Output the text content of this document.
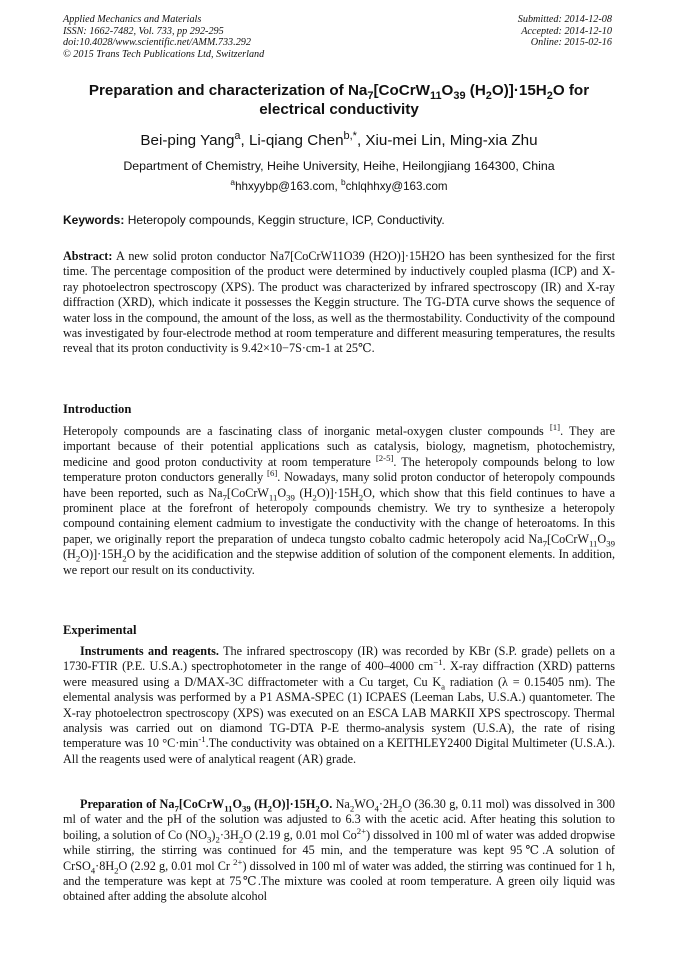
Applied Mechanics and Materials
ISSN: 1662-7482, Vol. 733, pp 292-295
doi:10.4028/www.scientific.net/AMM.733.292
© 2015 Trans Tech Publications Ltd, Switzerland
Submitted: 2014-12-08
Accepted: 2014-12-10
Online: 2015-02-16
Preparation and characterization of $Na_7[CoCrW_{11}O_{39}$ $(H_2O)]\cdot 15H_2O$ for electrical conductivity
Bei-ping Yang$^a$, Li-qiang Chen$^{b,*}$, Xiu-mei Lin, Ming-xia Zhu
Department of Chemistry, Heihe University, Heihe, Heilongjiang 164300, China
$^a$hhxyybp@163.com, $^b$chlqhhxy@163.com
Keywords: Heteropoly compounds, Keggin structure, ICP, Conductivity.
Abstract: A new solid proton conductor Na7[CoCrW11O39 (H2O)]·15H2O has been synthesized for the first time. The percentage composition of the product were determined by inductively coupled plasma (ICP) and X-ray photoelectron spectroscopy (XPS). The product was characterized by infrared spectroscopy (IR) and X-ray diffraction (XRD), which indicate it possesses the Keggin structure. The TG-DTA curve shows the sequence of water loss in the compound, the amount of the loss, as well as the thermostability. Conductivity of the compound was investigated by four-electrode method at room temperature and different measuring temperatures, the results reveal that its proton conductivity is 9.42×10−7S·cm-1 at 25℃.
Introduction
Heteropoly compounds are a fascinating class of inorganic metal-oxygen cluster compounds [1]. They are important because of their potential applications such as catalysis, biology, magnetism, photochemistry, medicine and good proton conductivity at room temperature [2-5]. The heteropoly compounds belong to low temperature proton conductors generally [6]. Nowadays, many solid proton conductor of heteropoly compounds have been reported, such as $Na_7[CoCrW_{11}O_{39}$ $(H_2O)]\cdot 15H_2O$, which show that this field continues to have a prominent place at the forefront of heteropoly compounds chemistry. We try to synthesize a heteropoly compound containing element cadmium to investigate the conductivity with the change of heteroatoms. In this paper, we originally report the preparation of undeca tungsto cobalto cadmic heteropoly acid $Na_7[CoCrW_{11}O_{39}$ $(H_2O)]\cdot 15H_2O$ by the acidification and the stepwise addition of solution of the component elements. In addition, we report our result on its conductivity.
Experimental
Instruments and reagents. The infrared spectroscopy (IR) was recorded by KBr (S.P. grade) pellets on a 1730-FTIR (P.E. U.S.A.) spectrophotometer in the range of 400–4000 $cm^{-1}$. X-ray diffraction (XRD) patterns were measured using a D/MAX-3C diffractometer with a Cu target, Cu $K_a$ radiation (λ = 0.15405 nm). The elemental analysis was performed by a P1 ASMA-SPEC (1) ICPAES (Leeman Labs, U.S.A.) quantometer. The X-ray photoelectron spectroscopy (XPS) was executed on an ESCA LAB MARKII XPS spectroscopy. Thermal analysis was carried out on diamond TG-DTA P-E thermo-analysis system (U.S.A), the rate of rising temperature was 10 $^\circ C\cdot\min^{-1}.The$ conductivity was obtained on a KEITHLEY2400 Digital Multimeter (U.S.A.). All the reagents used were of analytical reagent (AR) grade.
Preparation of $Na_7[CoCrW_{11}O_{39}$ $(H_2O)]\cdot 15H_2O$. $Na_2WO_4\cdot 2H_2O$ (36.30 g, 0.11 mol) was dissolved in 300 ml of water and the pH of the solution was adjusted to 6.3 with the acetic acid. After heating this solution to boiling, a solution of Co $(NO_3)_2\cdot 3H_2O$ (2.19 g, 0.01 mol $Co^{2+}$) dissolved in 100 ml of water was added dropwise while stirring, the stirring was continued for 45 min, and the temperature was kept 95℃.A solution of $CrSO_4\cdot 8H_2O$ (2.92 g, 0.01 mol Cr $^{2+}$) dissolved in 100 ml of water was added, the stirring was continued for 1 h, and the temperature was kept at 75℃.The mixture was cooled at room temperature. A green oily liquid was obtained after adding the absolute alcohol
